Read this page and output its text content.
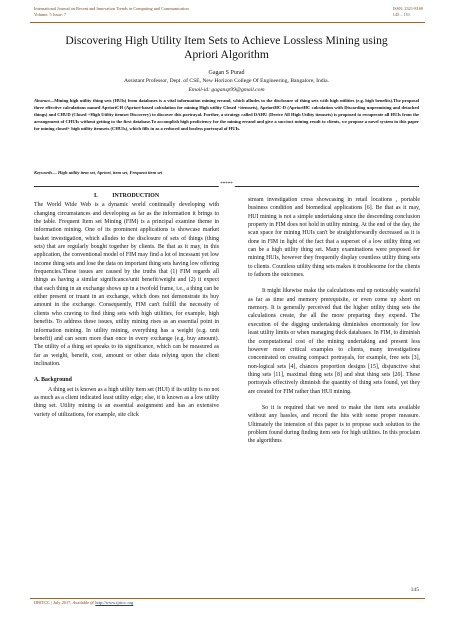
International Journal on Recent and Innovation Trends in Computing and Communication
Volume: 5 Issue: 7
ISSN: 2321-8169
145 – 151
Discovering High Utility Item Sets to Achieve Lossless Mining using
Apriori Algorithm
Gagan S Purad
Assistant Professor, Dept. of CSE, New Horizon College Of Engineering, Bangalore, India.
Email-id: gagansp99@gmail.com
Abstract—Mining high utility thing sets (HUIs) from databases is a vital information mining errand, which alludes to the disclosure of thing sets with high utilities (e.g. high benefits).The proposal three effective calculations named AprioriCH (Apriori-based calculation for mining High utility Closed +itemsets), AprioriHC-D (AprioriHC calculation with Discarding unpromising and detached things) and CHUD (Closed +High Utility itemset Discovery) to discover this portrayal. Further, a strategy called DAHU (Derive All High Utility itemsets) is proposed to recuperate all HUIs from the arrangement of CHUIs without getting to the first database.To accomplish high proficiency for the mining errand and give a succinct mining result to clients, we propose a novel system in this paper for mining closed+ high utility itemsets (CHUIs), which fills in as a reduced and lossless portrayal of HUIs.
Keywords— High utility item set, Apriori, item set, Frequent item set
*****
I.          INTRODUCTION

The World Wide Web is a dynamic world continually developing with changing circumstances and developing as far as the information it brings to the table. Frequent Item set Mining (FIM) is a principal examine theme in information mining. One of its prominent applications is showcase market basket investigation, which alludes to the disclosure of sets of things (thing sets) that are regularly bought together by clients. Be that as it may, in this application, the conventional model of FIM may find a lot of incessant yet low income thing sets and lose the data on important thing sets having low offering frequencies.These issues are caused by the truths that (1) FIM regards all things as having a similar significance/unit benefit/weight and (2) it expect that each thing in an exchange shows up in a twofold frame, i.e., a thing can be either present or truant in an exchange, which does not demonstrate its buy amount in the exchange. Consequently, FIM can't fulfill the necessity of clients who craving to find thing sets with high utilities, for example, high benefits. To address these issues, utility mining rises as an essential point in information mining. In utility mining, everything has a weight (e.g. unit benefit) and can seem more than once in every exchange (e.g. buy amount). The utility of a thing set speaks to its significance, which can be measured as far as weight, benefit, cost, amount or other data relying upon the client inclination.

A. Background

A thing set is known as a high utility item set (HUI) if its utility is no not as much as a client indicated least utility edge; else, it is known as a low utility thing set. Utility mining is an essential assignment and has an extensive variety of utilizations, for example, site click

stream investigation cross showcasing in retail locations , portable business condition and biomedical applications [6]. Be that as it may, HUI mining is not a simple undertaking since the descending conclusion property in FIM does not hold in utility mining. At the end of the day, the scan space for mining HUIs can't be straightforwardly decreased as it is done in FIM in light of the fact that a superset of a low utility thing set can be a high utility thing set. Many examinations were proposed for mining HUIs, however they frequently display countless utility thing sets to clients. Countless utility thing sets makes it troublesome for the clients to fathom the outcomes.

It might likewise make the calculations end up noticeably wasteful as far as time and memory prerequisite, or even come up short on memory. It is generally perceived that the higher utility thing sets the calculations create, the all the more preparing they expend. The execution of the digging undertaking diminishes enormously for low least utility limits or when managing thick databases. In FIM, to diminish the computational cost of the mining undertaking and present less however more critical examples to clients, many investigations concentrated on creating compact portrayals, for example, free sets [3], non-logical sets [4], chances proportion designs [15], disjunctive shut thing sets [11], maximal thing sets [8] and shut thing sets [20]. These portrayals effectively diminish the quantity of thing sets found, yet they are created for FIM rather than HUI mining.

So it is required that we need to make the item sets available without any hassles, and record the hits with some proper measure. Ultimately the intension of this paper is to propose such solution to the problem found during finding item sets for high utilities. In this proclaim the algorithms

145
IJRITCC | July 2017, Available @ http://www.ijritcc.org
